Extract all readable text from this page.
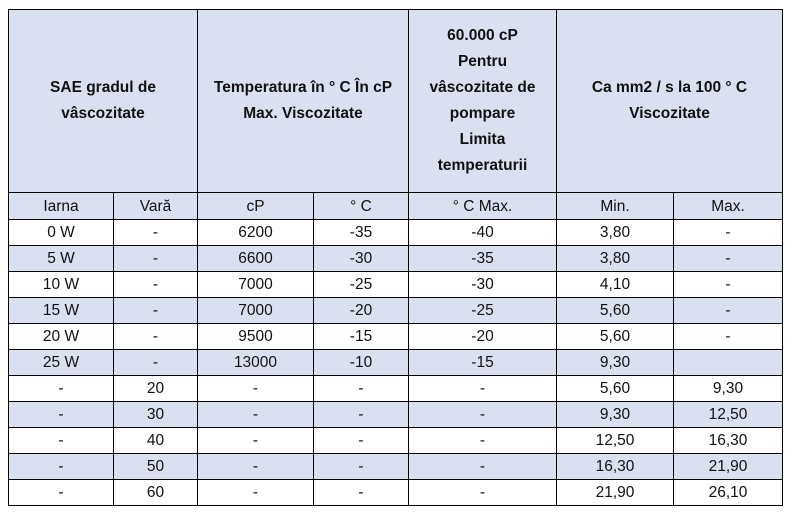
SAE gradul de vâscozitate		Temperatura în ° C În cP Max. Viscozitate		60.000 cP Pentru vâscozitate de pompare Limita temperaturii	Ca mm2 / s la 100 ° C Viscozitate	

Iarna	Vară	cP	° C	° C Max.	Min.	Max.
0 W	-	6200	-35	-40	3,80	-
5 W	-	6600	-30	-35	3,80	-
10 W	-	7000	-25	-30	4,10	-
15 W	-	7000	-20	-25	5,60	-
20 W	-	9500	-15	-20	5,60	-
25 W	-	13000	-10	-15	9,30	
-	20	-	-	-	5,60	9,30
-	30	-	-	-	9,30	12,50
-	40	-	-	-	12,50	16,30
-	50	-	-	-	16,30	21,90
-	60	-	-	-	21,90	26,10
